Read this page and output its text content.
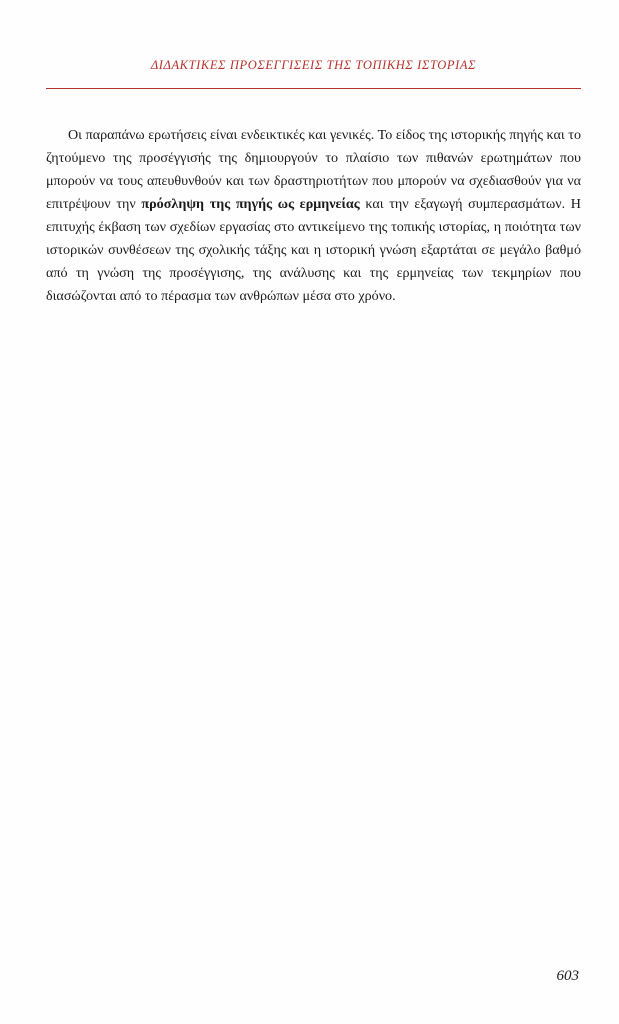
ΔΙΔΑΚΤΙΚΕΣ ΠΡΟΣΕΓΓΙΣΕΙΣ ΤΗΣ ΤΟΠΙΚΗΣ ΙΣΤΟΡΙΑΣ

Οι παραπάνω ερωτήσεις είναι ενδεικτικές και γενικές. Το είδος της ιστορικής πηγής και το ζητούμενο της προσέγγισής της δημιουργούν το πλαίσιο των πιθανών ερωτημάτων που μπορούν να τους απευθυνθούν και των δραστηριοτήτων που μπορούν να σχεδιασθούν για να επιτρέψουν την πρόσληψη της πηγής ως ερμηνείας και την εξαγωγή συμπερασμάτων. Η επιτυχής έκβαση των σχεδίων εργασίας στο αντικείμενο της τοπικής ιστορίας, η ποιότητα των ιστορικών συνθέσεων της σχολικής τάξης και η ιστορική γνώση εξαρτάται σε μεγάλο βαθμό από τη γνώση της προσέγγισης, της ανάλυσης και της ερμηνείας των τεκμηρίων που διασώζονται από το πέρασμα των ανθρώπων μέσα στο χρόνο.

603
